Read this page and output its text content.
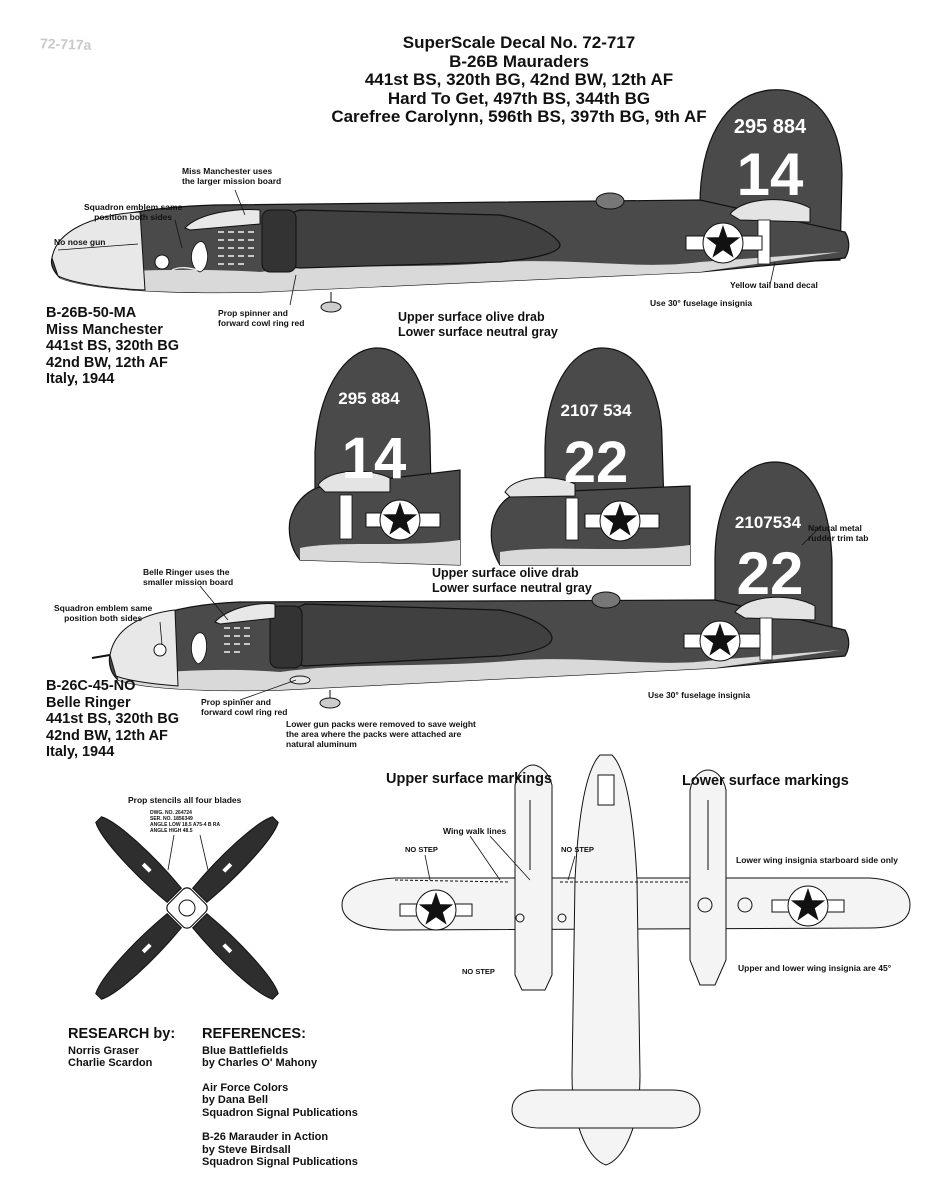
72-717a	SuperScale Decal No. 72-717
B-26B Mauraders
441st BS, 320th BG, 42nd BW, 12th AF
Hard To Get, 497th BS, 344th BG
Carefree Carolynn, 596th BS, 397th BG, 9th AF	295 884
14
295 884
14
2107 534
22
2107534
22
Miss Manchester uses
the larger mission board
Squadron emblem same
position both sides
No nose gun
Prop spinner and
forward cowl ring red	Upper surface olive drab
Lower surface neutral gray
Yellow tail band decal
Use 30° fuselage insignia
B-26B-50-MA
Miss Manchester
441st BS, 320th BG
42nd BW, 12th AF
Italy, 1944
Belle Ringer uses the
smaller mission board
Squadron emblem same
position both sides
Upper surface olive drab
Lower surface neutral gray
Natural metal
rudder trim tab
Prop spinner and
forward cowl ring red
Lower gun packs were removed to save weight
the area where the packs were attached are
natural aluminum
Use 30° fuselage insignia
B-26C-45-NO
Belle Ringer
441st BS, 320th BG
42nd BW, 12th AF
Italy, 1944
Prop stencils all four blades
DWG. NO. 264724
SER. NO. 1856349
ANGLE LOW 18.5 A75-4 B RA
ANGLE HIGH 48.5
Upper surface markings	Lower surface markings
Wing walk lines
NO STEP	NO STEP
NO STEP
Lower wing insignia starboard side only
Upper and lower wing insignia are 45°
RESEARCH by:
Norris Graser
Charlie Scardon
REFERENCES:
Blue Battlefields
by Charles O' Mahony
Air Force Colors
by Dana Bell
Squadron Signal Publications
B-26 Marauder in Action
by Steve Birdsall
Squadron Signal Publications
